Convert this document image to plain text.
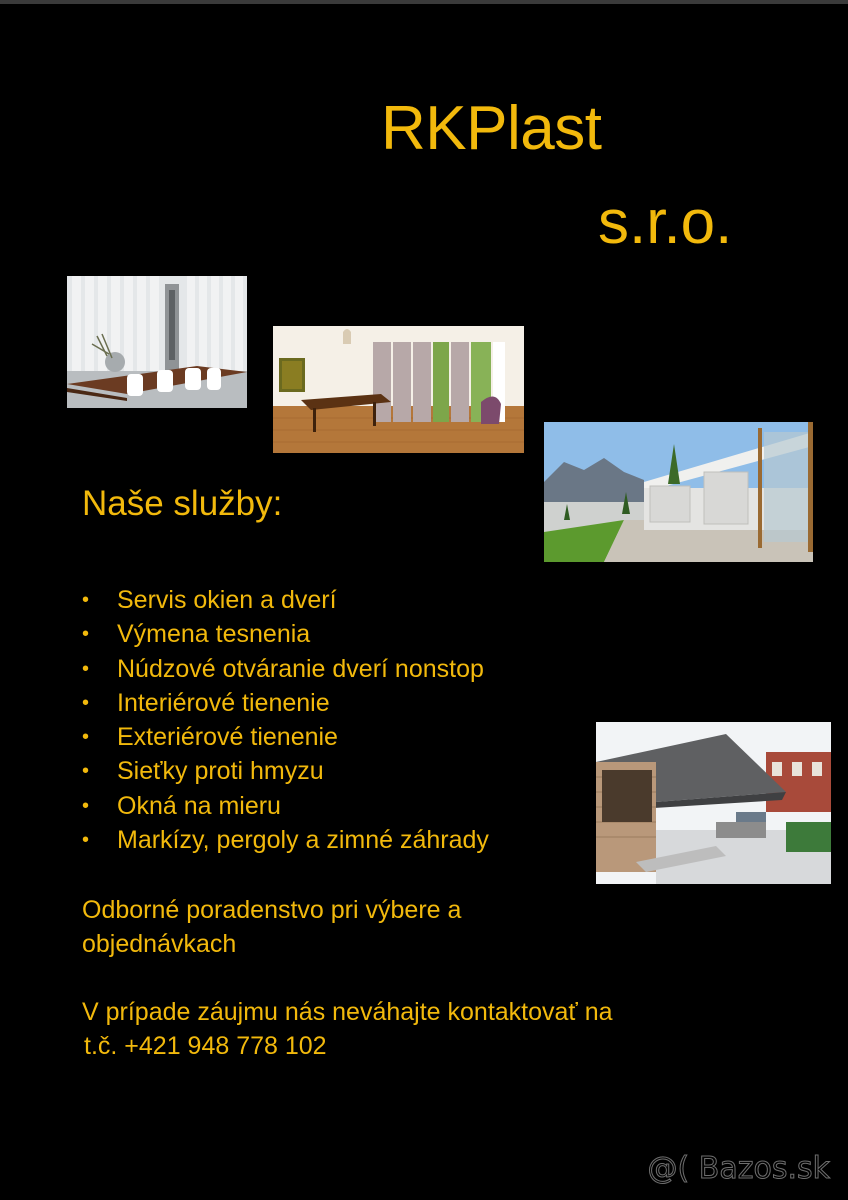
RKPlast
s.r.o.
Naše služby:
• Servis okien a dverí
• Výmena tesnenia
• Núdzové otváranie dverí nonstop
• Interiérové tienenie
• Exteriérové tienenie
• Sieťky proti hmyzu
• Okná na mieru
• Markízy, pergoly a zimné záhrady
Odborné poradenstvo pri výbere a objednávkach
V prípade záujmu nás neváhajte kontaktovať na
t.č. +421 948 778 102
@( Bazos.sk
